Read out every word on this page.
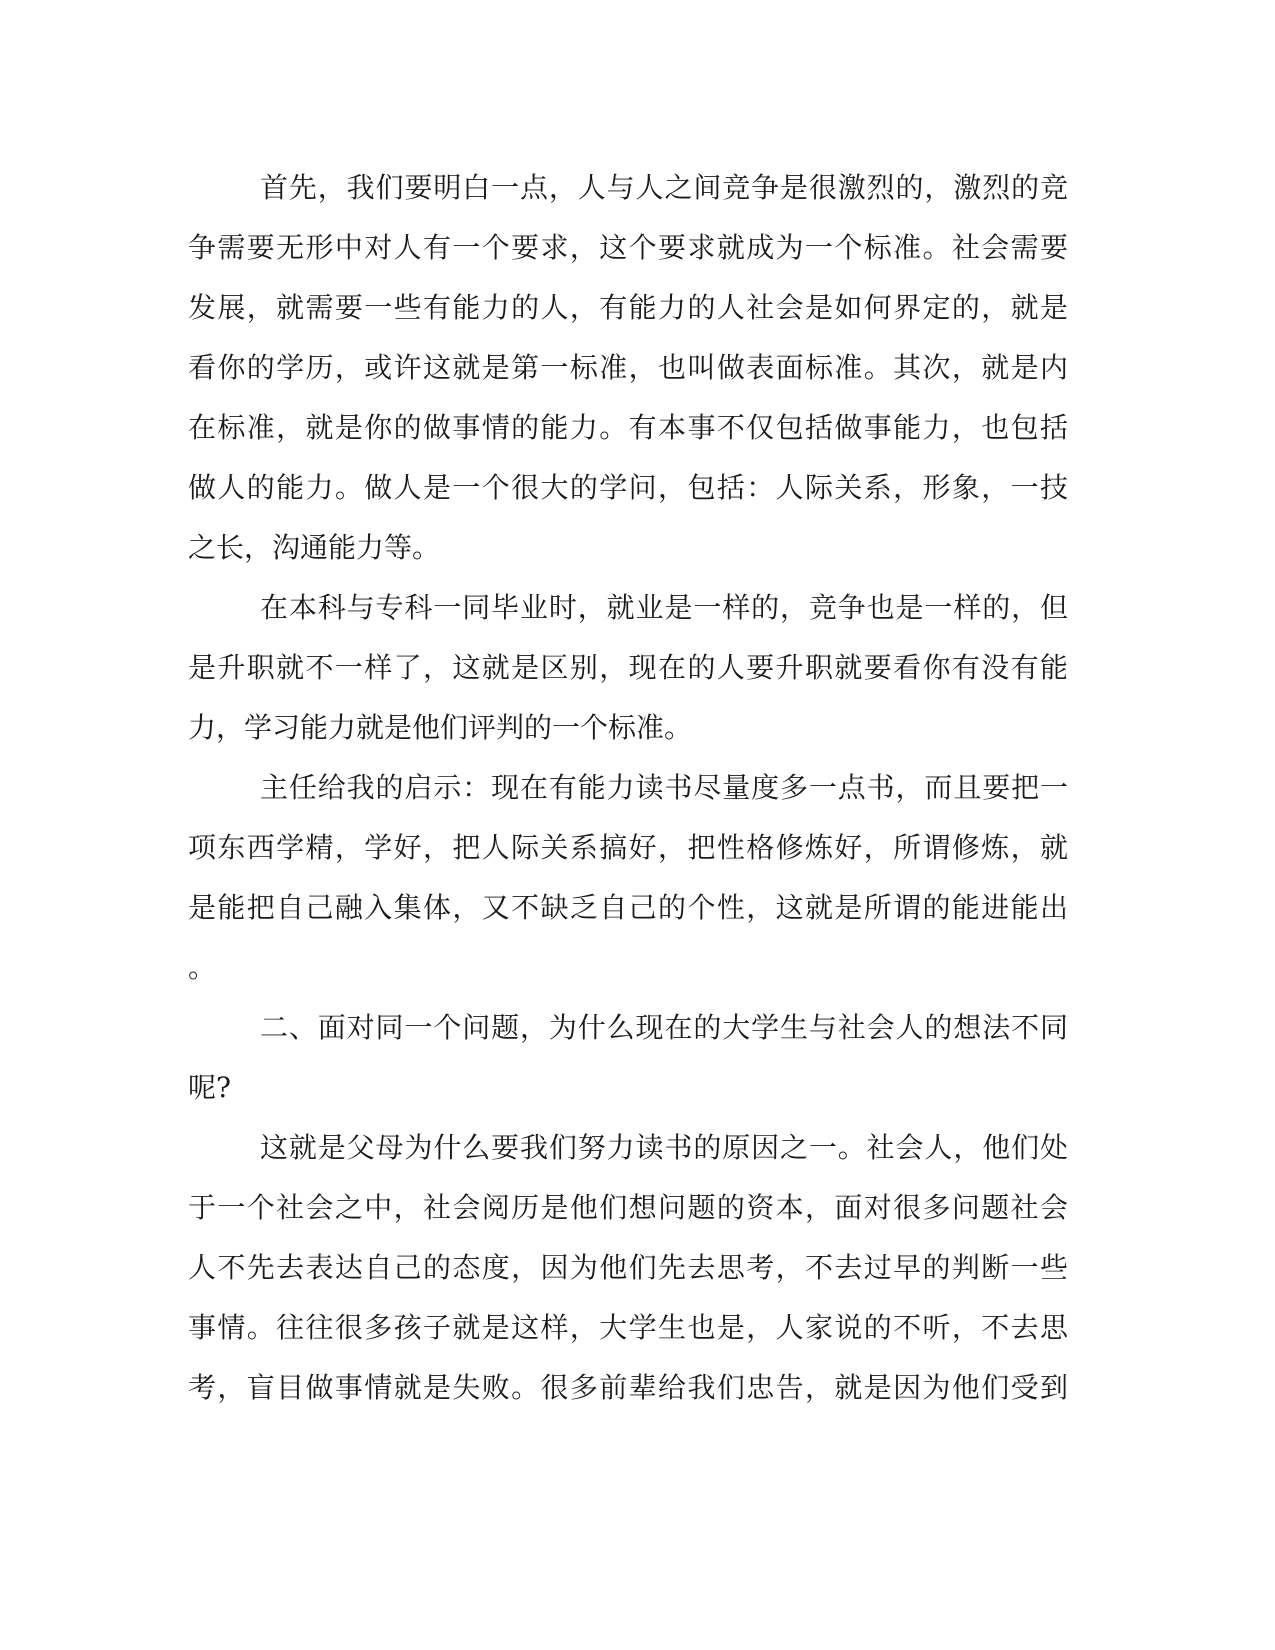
首先，我们要明白一点，人与人之间竞争是很激烈的，激烈的竞
争需要无形中对人有一个要求，这个要求就成为一个标准。社会需要
发展，就需要一些有能力的人，有能力的人社会是如何界定的，就是
看你的学历，或许这就是第一标准，也叫做表面标准。其次，就是内
在标准，就是你的做事情的能力。有本事不仅包括做事能力，也包括
做人的能力。做人是一个很大的学问，包括：人际关系，形象，一技
之长，沟通能力等。
在本科与专科一同毕业时，就业是一样的，竞争也是一样的，但
是升职就不一样了，这就是区别，现在的人要升职就要看你有没有能
力，学习能力就是他们评判的一个标准。
主任给我的启示：现在有能力读书尽量度多一点书，而且要把一
项东西学精，学好，把人际关系搞好，把性格修炼好，所谓修炼，就
是能把自己融入集体，又不缺乏自己的个性，这就是所谓的能进能出
。
二、面对同一个问题，为什么现在的大学生与社会人的想法不同
呢?
这就是父母为什么要我们努力读书的原因之一。社会人，他们处
于一个社会之中，社会阅历是他们想问题的资本，面对很多问题社会
人不先去表达自己的态度，因为他们先去思考，不去过早的判断一些
事情。往往很多孩子就是这样，大学生也是，人家说的不听，不去思
考，盲目做事情就是失败。很多前辈给我们忠告，就是因为他们受到
